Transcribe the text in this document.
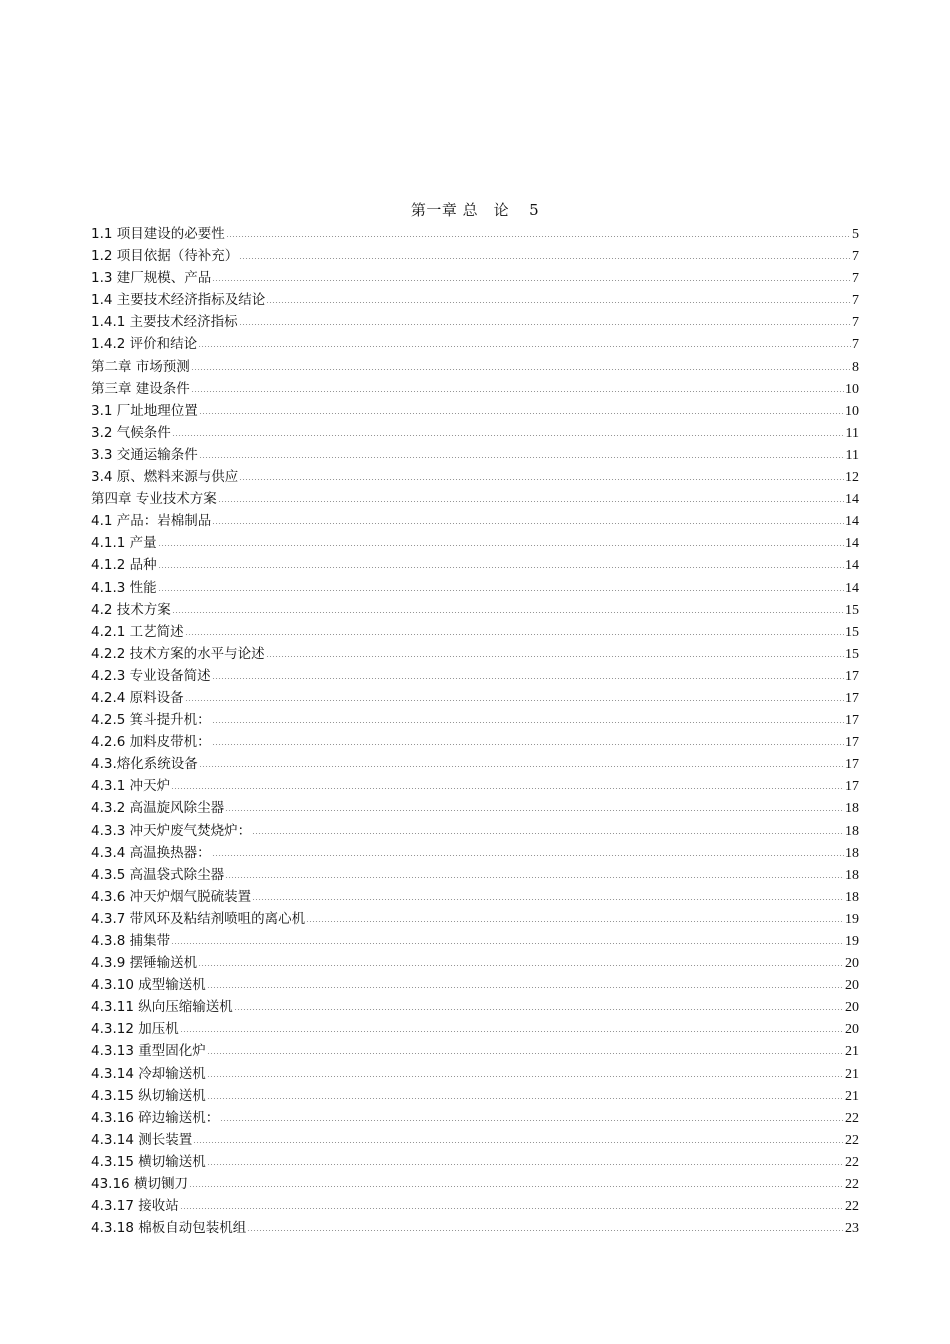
第一章 总　论 5
1.1 项目建设的必要性	5
1.2 项目依据（待补充）	7
1.3 建厂规模、产品	7
1.4 主要技术经济指标及结论	7
1.4.1 主要技术经济指标	7
1.4.2 评价和结论	7
第二章 市场预测	8
第三章 建设条件	10
3.1 厂址地理位置	10
3.2 气候条件	11
3.3 交通运输条件	11
3.4 原、燃料来源与供应	12
第四章 专业技术方案	14
4.1 产品：岩棉制品	14
4.1.1 产量	14
4.1.2 品种	14
4.1.3 性能	14
4.2 技术方案	15
4.2.1 工艺简述	15
4.2.2 技术方案的水平与论述	15
4.2.3 专业设备简述	17
4.2.4 原料设备	17
4.2.5 箕斗提升机：	17
4.2.6 加料皮带机：	17
4.3.熔化系统设备	17
4.3.1 冲天炉	17
4.3.2 高温旋风除尘器	18
4.3.3 冲天炉废气焚烧炉：	18
4.3.4 高温换热器：	18
4.3.5 高温袋式除尘器	18
4.3.6 冲天炉烟气脱硫装置	18
4.3.7 带风环及粘结剂喷咀的离心机	19
4.3.8 捕集带	19
4.3.9 摆锤输送机	20
4.3.10 成型输送机	20
4.3.11 纵向压缩输送机	20
4.3.12 加压机	20
4.3.13 重型固化炉	21
4.3.14 冷却输送机	21
4.3.15 纵切输送机	21
4.3.16 碎边输送机：	22
4.3.14 测长装置	22
4.3.15 横切输送机	22
43.16 横切铡刀	22
4.3.17 接收站	22
4.3.18 棉板自动包装机组	23
